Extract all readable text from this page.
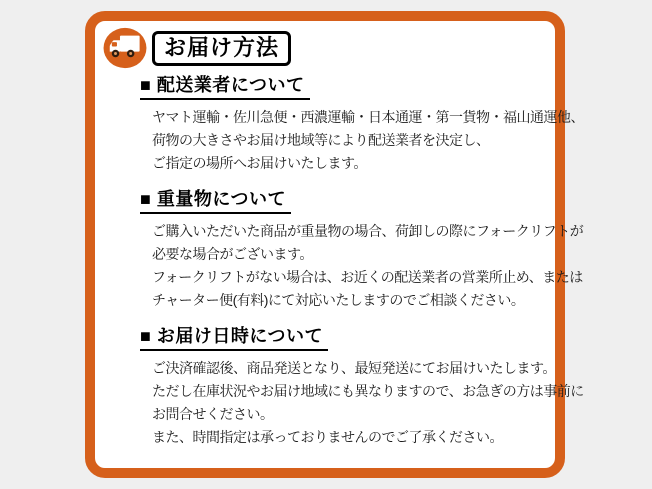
お届け方法
■ 配送業者について

ヤマト運輸・佐川急便・西濃運輸・日本通運・第一貨物・福山通運他、
荷物の大きさやお届け地域等により配送業者を決定し、
ご指定の場所へお届けいたします。

■ 重量物について

ご購入いただいた商品が重量物の場合、荷卸しの際にフォークリフトが
必要な場合がございます。
フォークリフトがない場合は、お近くの配送業者の営業所止め、または
チャーター便(有料)にて対応いたしますのでご相談ください。

■ お届け日時について

ご決済確認後、商品発送となり、最短発送にてお届けいたします。
ただし在庫状況やお届け地域にも異なりますので、お急ぎの方は事前に
お問合せください。
また、時間指定は承っておりませんのでご了承ください。
